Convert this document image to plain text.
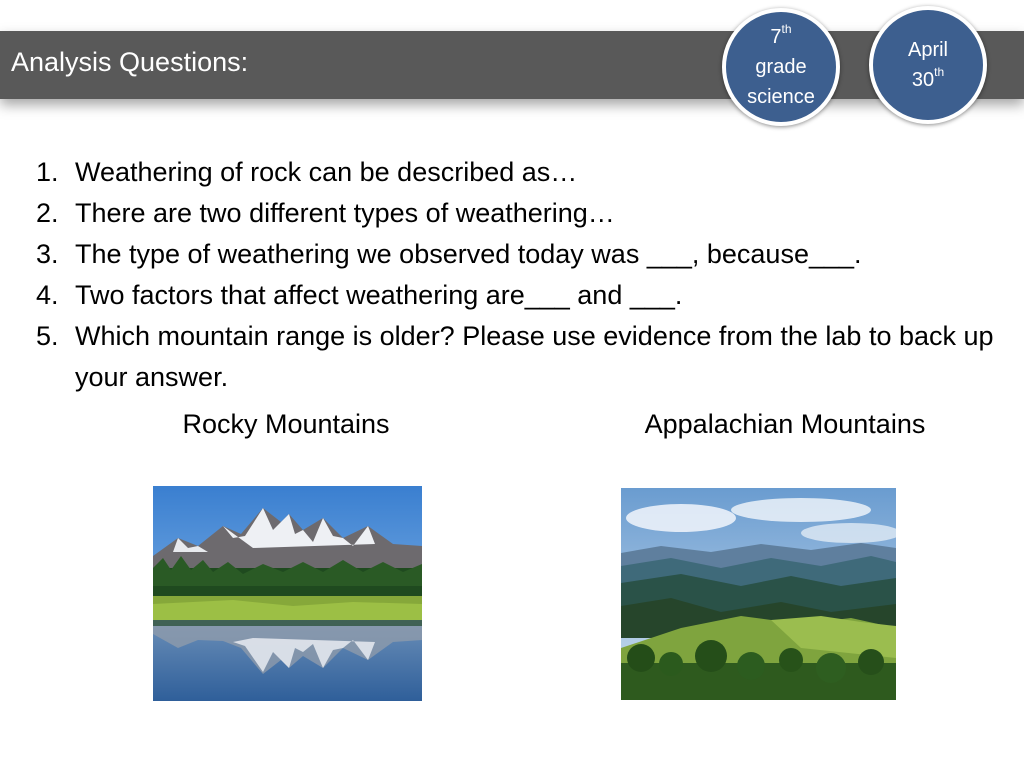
Analysis Questions:
7th
grade
science
April
30th
1. Weathering of rock can be described as…
2. There are two different types of weathering…
3. The type of weathering we observed today was ___, because___.
4. Two factors that affect weathering are___ and ___.
5. Which mountain range is older? Please use evidence from the lab to back up your answer.
Rocky Mountains	Appalachian Mountains
